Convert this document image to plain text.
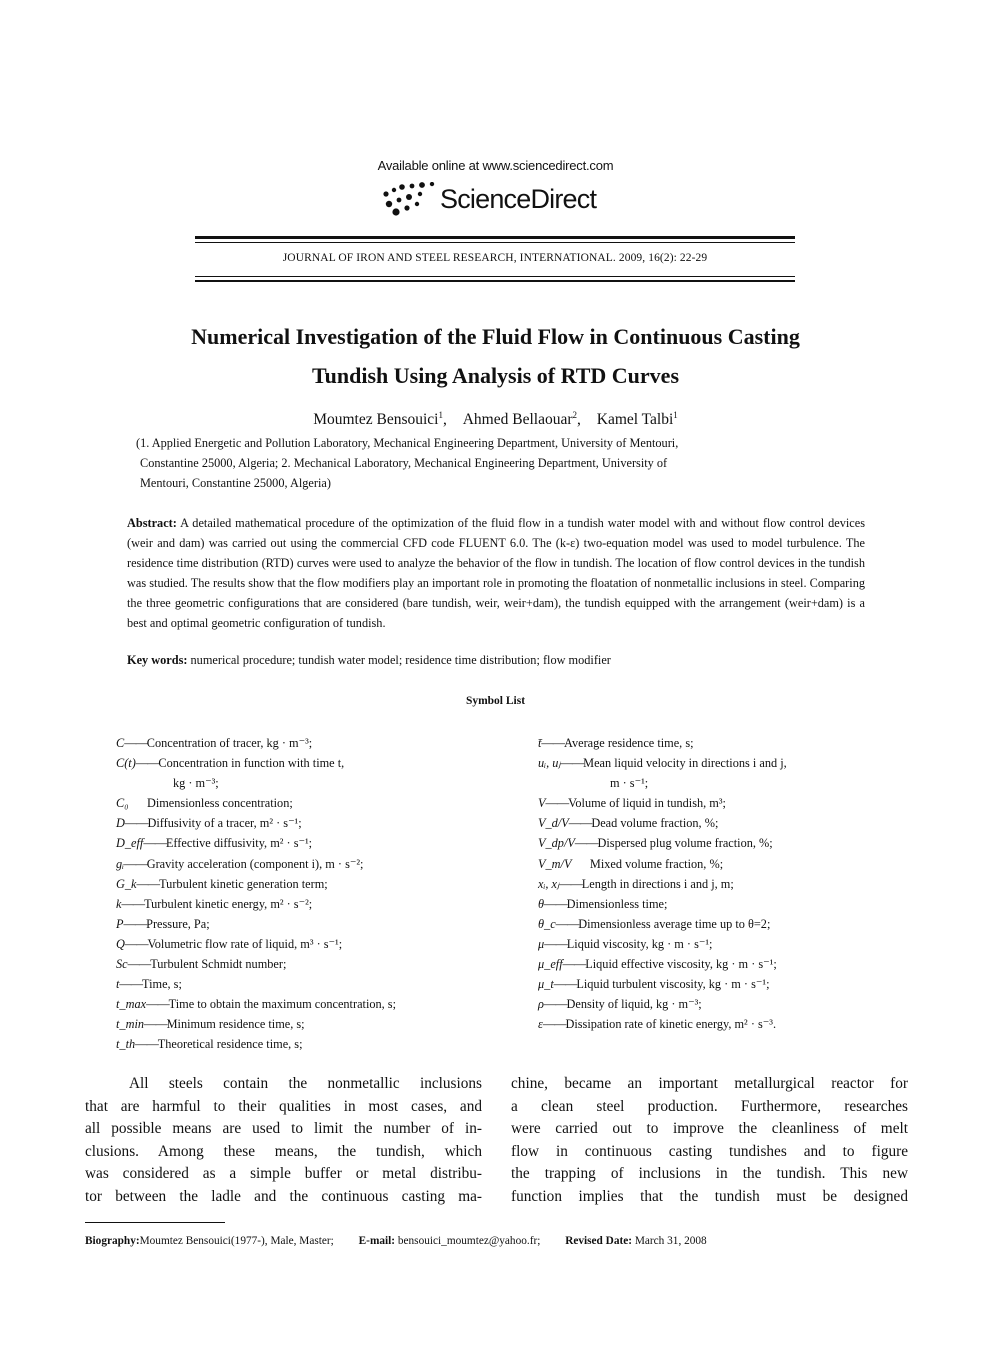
Available online at www.sciencedirect.com
ScienceDirect
JOURNAL OF IRON AND STEEL RESEARCH, INTERNATIONAL. 2009, 16(2): 22-29
Numerical Investigation of the Fluid Flow in Continuous Casting
Tundish Using Analysis of RTD Curves
Moumtez Bensouici$^1$, Ahmed Bellaouar$^2$, Kamel Talbi$^1$
(1. Applied Energetic and Pollution Laboratory, Mechanical Engineering Department, University of Mentouri,
Constantine 25000, Algeria; 2. Mechanical Laboratory, Mechanical Engineering Department, University of
Mentouri, Constantine 25000, Algeria)
Abstract: A detailed mathematical procedure of the optimization of the fluid flow in a tundish water model with and without flow control devices (weir and dam) was carried out using the commercial CFD code FLUENT 6.0. The (k-ε) two-equation model was used to model turbulence. The residence time distribution (RTD) curves were used to analyze the behavior of the flow in tundish. The location of flow control devices in the tundish was studied. The results show that the flow modifiers play an important role in promoting the floatation of nonmetallic inclusions in steel. Comparing the three geometric configurations that are considered (bare tundish, weir, weir+dam), the tundish equipped with the arrangement (weir+dam) is a best and optimal geometric configuration of tundish.
Key words: numerical procedure; tundish water model; residence time distribution; flow modifier
Symbol List
C——Concentration of tracer, kg · m⁻³;
C(t)——Concentration in function with time t,
kg · m⁻³;
C₀ Dimensionless concentration;
D——Diffusivity of a tracer, m² · s⁻¹;
D_eff——Effective diffusivity, m² · s⁻¹;
gᵢ——Gravity acceleration (component i), m · s⁻²;
G_k——Turbulent kinetic generation term;
k——Turbulent kinetic energy, m² · s⁻²;
P——Pressure, Pa;
Q——Volumetric flow rate of liquid, m³ · s⁻¹;
Sc——Turbulent Schmidt number;
t——Time, s;
t_max——Time to obtain the maximum concentration, s;
t_min——Minimum residence time, s;
t_th——Theoretical residence time, s;
t̄——Average residence time, s;
uᵢ, uⱼ——Mean liquid velocity in directions i and j,
m · s⁻¹;
V——Volume of liquid in tundish, m³;
V_d/V——Dead volume fraction, %;
V_dp/V——Dispersed plug volume fraction, %;
V_m/V Mixed volume fraction, %;
xᵢ, xⱼ——Length in directions i and j, m;
θ——Dimensionless time;
θ_c——Dimensionless average time up to θ=2;
μ——Liquid viscosity, kg · m · s⁻¹;
μ_eff——Liquid effective viscosity, kg · m · s⁻¹;
μ_t——Liquid turbulent viscosity, kg · m · s⁻¹;
ρ——Density of liquid, kg · m⁻³;
ε——Dissipation rate of kinetic energy, m² · s⁻³.
All steels contain the nonmetallic inclusions
that are harmful to their qualities in most cases, and
all possible means are used to limit the number of in-
clusions. Among these means, the tundish, which
was considered as a simple buffer or metal distribu-
tor between the ladle and the continuous casting ma-
chine, became an important metallurgical reactor for
a clean steel production. Furthermore, researches
were carried out to improve the cleanliness of melt
flow in continuous casting tundishes and to figure
the trapping of inclusions in the tundish. This new
function implies that the tundish must be designed
Biography:Moumtez Bensouici(1977-), Male, Master; E-mail: bensouici_moumtez@yahoo.fr; Revised Date: March 31, 2008
